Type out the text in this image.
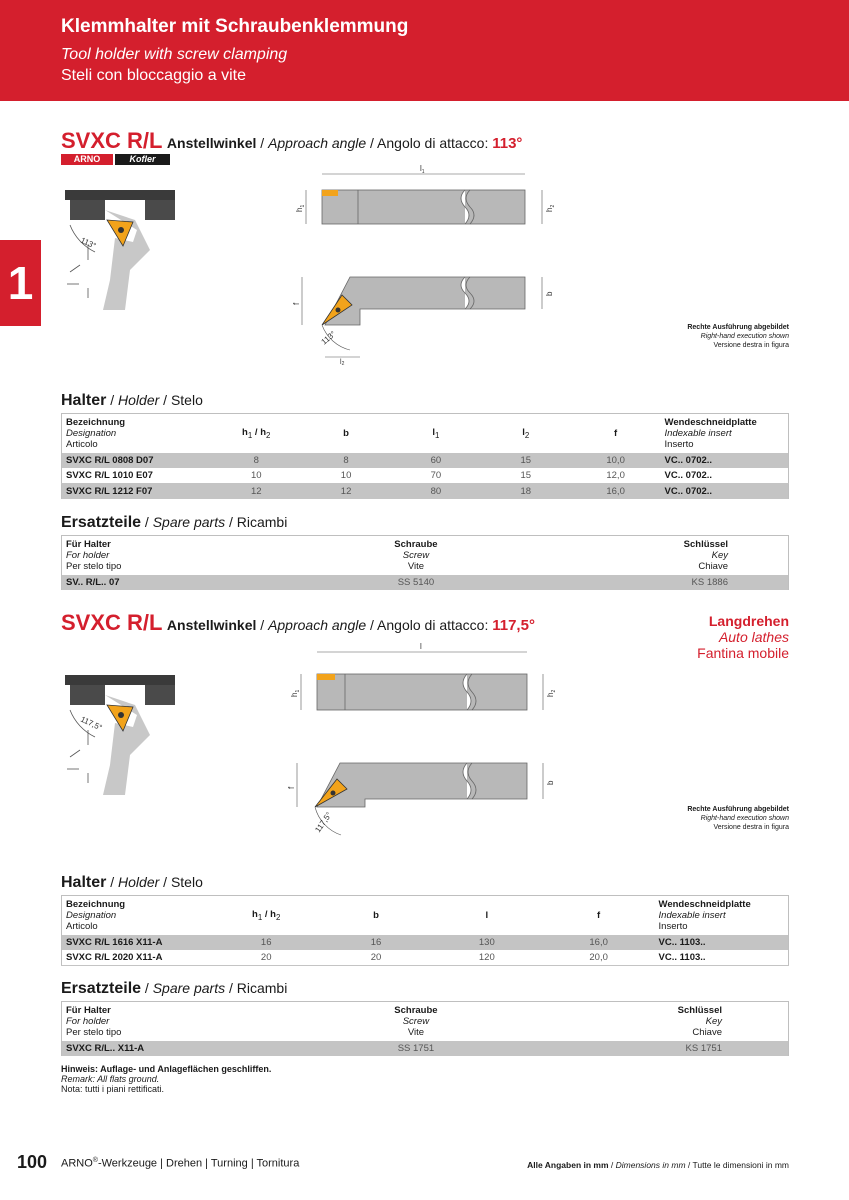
Klemmhalter mit Schraubenklemmung
Tool holder with screw clamping
Steli con bloccaggio a vite
1
SVXC R/L Anstellwinkel / Approach angle / Angolo di attacco: 113°
ARNO	Kofler
113°
$l_1$
$h_1$
$h_2$
f
b
113°
l2
Rechte Ausführung abgebildet
Right-hand execution shown
Versione destra in figura
Halter / Holder / Stelo
Bezeichnung
Designation
Articolo	$h_1 / h_2$	b	$l_1$	$l_2$	f	Wendeschneidplatte
Indexable insert
Inserto
SVXC R/L 0808 D07	8	8	60	15	10,0	VC.. 0702..
SVXC R/L 1010 E07	10	10	70	15	12,0	VC.. 0702..
SVXC R/L 1212 F07	12	12	80	18	16,0	VC.. 0702..
Ersatzteile / Spare parts / Ricambi
Für Halter
For holder
Per stelo tipo	Schraube
Screw
Vite	Schlüssel
Key
Chiave
SV.. R/L.. 07	SS 5140	KS 1886
SVXC R/L Anstellwinkel / Approach angle / Angolo di attacco: 117,5°	Langdrehen
Auto lathes
Fantina mobile
117,5°
l
$h_1$
$h_2$
f
b
117,5°
Rechte Ausführung abgebildet
Right-hand execution shown
Versione destra in figura
Halter / Holder / Stelo
Bezeichnung
Designation
Articolo	$h_1 / h_2$	b	l	f	Wendeschneidplatte
Indexable insert
Inserto
SVXC R/L 1616 X11-A	16	16	130	16,0	VC.. 1103..
SVXC R/L 2020 X11-A	20	20	120	20,0	VC.. 1103..
Ersatzteile / Spare parts / Ricambi
Für Halter
For holder
Per stelo tipo	Schraube
Screw
Vite	Schlüssel
Key
Chiave
SVXC R/L.. X11-A	SS 1751	KS 1751
Hinweis: Auflage- und Anlageflächen geschliffen.
Remark: All flats ground.
Nota: tutti i piani rettificati.
100 ARNO®-Werkzeuge | Drehen | Turning | Tornitura	Alle Angaben in mm / Dimensions in mm / Tutte le dimensioni in mm
